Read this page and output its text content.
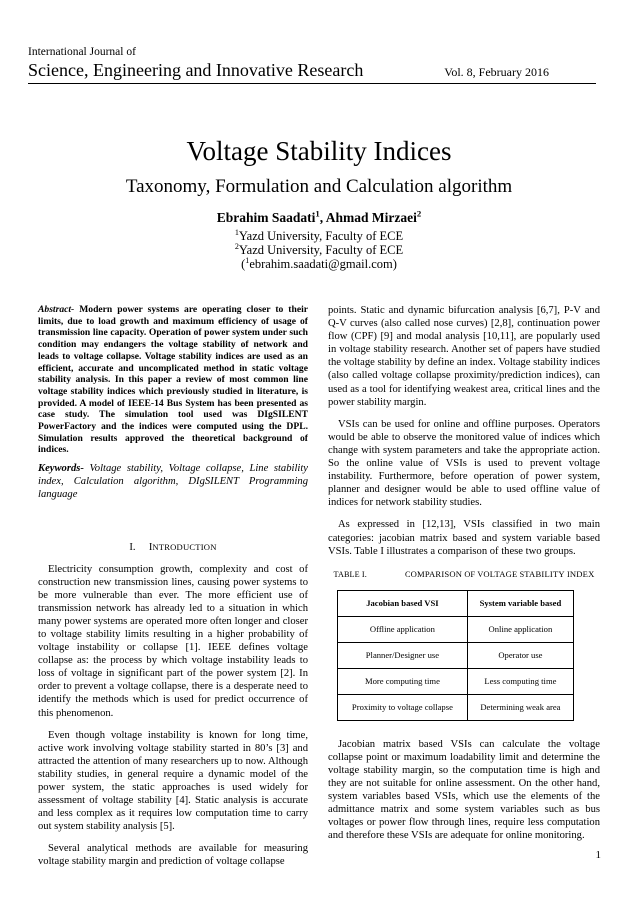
International Journal of
Science, Engineering and Innovative Research	Vol. 8, February 2016
Voltage Stability Indices
Taxonomy, Formulation and Calculation algorithm
Ebrahim Saadati$^1$, Ahmad Mirzaei$^2$
$^1$Yazd University, Faculty of ECE
$^2$Yazd University, Faculty of ECE
($^1$ebrahim.saadati@gmail.com)

Abstract- Modern power systems are operating closer to their limits, due to load growth and maximum efficiency of usage of transmission line capacity. Operation of power system under such condition may endangers the voltage stability of network and leads to voltage collapse. Voltage stability indices are used as an efficient, accurate and uncomplicated method in static voltage stability analysis. In this paper a review of most common line voltage stability indices which previously studied in literature, is provided. A model of IEEE-14 Bus System has been presented as case study. The simulation tool used was DIgSILENT PowerFactory and the indices were computed using the DPL. Simulation results approved the theoretical background of indices.

Keywords- Voltage stability, Voltage collapse, Line stability index, Calculation algorithm, DIgSILENT Programming language

I. INTRODUCTION

Electricity consumption growth, complexity and cost of construction new transmission lines, causing power systems to be more vulnerable than ever. The more efficient use of transmission network has already led to a situation in which many power systems are operated more often longer and closer to voltage stability limits resulting in a higher probability of voltage instability or collapse [1]. IEEE defines voltage collapse as: the process by which voltage instability leads to loss of voltage in significant part of the power system [2]. In order to prevent a voltage collapse, there is a desperate need to identify the methods which is used for predict occurrence of this phenomenon.

Even though voltage instability is known for long time, active work involving voltage stability started in 80’s [3] and attracted the attention of many researchers up to now. Although stability studies, in general require a dynamic model of the power system, the static approaches is used widely for assessment of voltage stability [4]. Static analysis is accurate and less complex as it requires low computation time to carry out system stability analysis [5].

Several analytical methods are available for measuring voltage stability margin and prediction of voltage collapse

points. Static and dynamic bifurcation analysis [6,7], P-V and Q-V curves (also called nose curves) [2,8], continuation power flow (CPF) [9] and modal analysis [10,11], are popularly used in voltage stability research. Another set of papers have studied the voltage stability by define an index. Voltage stability indices (also called voltage collapse proximity/prediction indices), can used as a tool for identifying weakest area, critical lines and the power stability margin.

VSIs can be used for online and offline purposes. Operators would be able to observe the monitored value of indices which change with system parameters and take the appropriate action. So the online value of VSIs is used to prevent voltage instability. Furthermore, before operation of power system, planner and designer would be able to used offline value of indices for network stability studies.

As expressed in [12,13], VSIs classified in two main categories: jacobian matrix based and system variable based VSIs. Table I illustrates a comparison of these two groups.

TABLE I.	COMPARISON OF VOLTAGE STABILITY INDEX

Jacobian based VSI	System variable based
Offline application	Online application
Planner/Designer use	Operator use
More computing time	Less computing time
Proximity to voltage collapse	Determining weak area

Jacobian matrix based VSIs can calculate the voltage collapse point or maximum loadability limit and determine the voltage stability margin, so the computation time is high and they are not suitable for online assessment. On the other hand, system variables based VSIs, which use the elements of the admittance matrix and some system variables such as bus voltages or power flow through lines, require less computation and therefore these VSIs are adequate for online monitoring.

1
